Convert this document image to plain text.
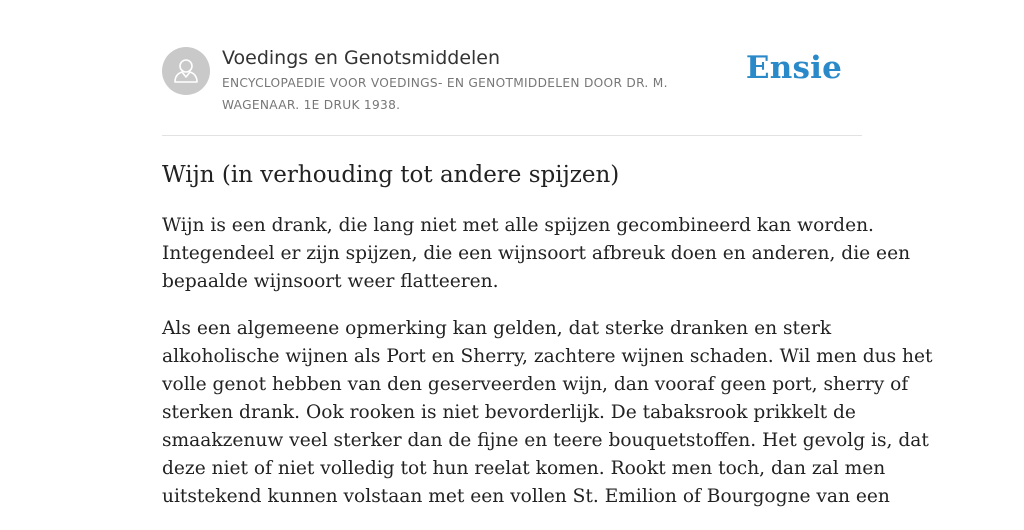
Voedings en Genotsmiddelen
ENCYCLOPAEDIE VOOR VOEDINGS- EN GENOTMIDDELEN DOOR DR. M. WAGENAAR. 1E DRUK 1938.
Ensie
Wijn (in verhouding tot andere spijzen)

Wijn is een drank, die lang niet met alle spijzen gecombineerd kan worden.
Integendeel er zijn spijzen, die een wijnsoort afbreuk doen en anderen, die een
bepaalde wijnsoort weer flatteeren.

Als een algemeene opmerking kan gelden, dat sterke dranken en sterk
alkoholische wijnen als Port en Sherry, zachtere wijnen schaden. Wil men dus het
volle genot hebben van den geserveerden wijn, dan vooraf geen port, sherry of
sterken drank. Ook rooken is niet bevorderlijk. De tabaksrook prikkelt de
smaakzenuw veel sterker dan de fijne en teere bouquetstoffen. Het gevolg is, dat
deze niet of niet volledig tot hun reelat komen. Rookt men toch, dan zal men
uitstekend kunnen volstaan met een vollen St. Emilion of Bourgogne van een
